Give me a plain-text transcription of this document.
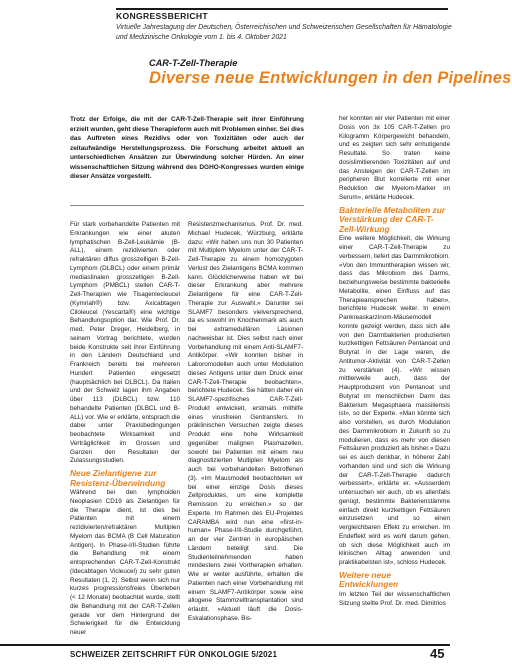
KONGRESSBERICHT
Virtuelle Jahrestagung der Deutschen, Österreichischen und Schweizerischen Gesellschaften für Hämatologie und Medizinische Onkologie vom 1. bis 4. Oktober 2021
CAR-T-Zell-Therapie
Diverse neue Entwicklungen in den Pipelines
Trotz der Erfolge, die mit der CAR-T-Zell-Therapie seit ihrer Einführung erzielt wurden, geht diese Therapieform auch mit Problemen einher. Sei dies das Auftreten eines Rezidivs oder von Toxizitäten oder auch der zeitaufwändige Herstellungsprozess. Die Forschung arbeitet aktuell an unterschiedlichen Ansätzen zur Überwindung solcher Hürden. An einer wissenschaftlichen Sitzung während des DGHO-Kongresses wurden einige dieser Ansätze vorgestellt.

Für stark vorbehandelte Patienten mit Erkrankungen wie einer akuten lymphatischen B-Zell-Leukämie (B-ALL), einem rezidivierten oder refraktären diffus grosszelligen B-Zell-Lymphom (DLBCL) oder einem primär mediastinalen grosszelligen B-Zell-Lymphom (PMBCL) stellen CAR-T-Zell-Therapien wie Tisagenlecleucel (Kymriah®) bzw. Axicabtagen Ciloleucel (Yescarta®) eine wichtige Behandlungsoption dar. Wie Prof. Dr. med. Peter Dreger, Heidelberg, in seinem Vortrag berichtete, wurden beide Konstrukte seit ihrer Einführung in den Ländern Deutschland und Frankreich bereits bei mehreren Hundert Patienten eingesetzt (hauptsächlich bei DLBCL). Da Italien und der Schweiz lagen ihm Angaben über 113 (DLBCL) bzw. 110 behandelte Patienten (DLBCL und B-ALL) vor. Wie er erklärte, entsprach die dabei unter Praxisbedingungen beobachtete Wirksamkeit und Verträglichkeit im Grossen und Ganzen den Resultaten der Zulassungsstudien.

Neue Zielantigene zur Resistenz-Überwindung

Während bei den lymphoiden Neoplasien CD19 als Zielantigen für die Therapie dient, ist dies bei Patienten mit einem rezidivierten/refraktären Multiplen Myelom das BCMA (B Cell Maturation Antigen). In Phase-I/II-Studien führte die Behandlung mit einem entsprechenden CAR-T-Zell-Konstrukt (Idecabtagen Vicleucel) zu sehr guten Resultaten (1, 2). Selbst wenn sich nur kurzes progressionsfreies Überleben (< 12 Monate) beobachtet wurde, stellt die Behandlung mit der CAR-T-Zellen gerade vor dem Hintergrund der Schwierigkeit für die Entwicklung neuer

Resistenzmechanismus. Prof. Dr. med. Michael Hudecek, Würzburg, erklärte dazu: «Wir haben uns nun 30 Patienten mit Multiplem Myelom unter der CAR-T-Zell-Therapie zu einem homozygoten Verlust des Zielantigens BCMA kommen kann. Glücklicherweise haben wir bei dieser Erkrankung aber mehrere Zielantigene für eine CAR-T-Zell-Therapie zur Auswahl.» Darunter sei SLAMF7 besonders vielversprechend, da es sowohl im Knochenmark als auch bei extramedullären Läsionen nachweisbar ist. Dies selbst nach einer Vorbehandlung mit einem Anti-SLAMF7-Antikörper. «Wir konnten bisher in Laboromodellen auch unter Modulation dieses Antigens unter dem Druck einer CAR-T-Zell-Therapie beobachten», berichtete Hudecek. Sie hätten daher ein SLAMF7-spezifisches CAR-T-Zell-Produkt entwickelt, erstmals mithilfe eines virusfreien Gentransfers. In präklinischen Versuchen zeigte dieses Produkt eine hohe Wirksamkeit gegenüber malignen Plasmazellen, sowohl bei Patienten mit einem neu diagnostizierten Multiplen Myelom als auch bei vorbehandelten Betroffenen (3). «Im Mausmodell beobachteten wir bei einer einzige Dosis dieses Zellproduktes, um eine komplette Remission zu erreichen.» so der Experte. Im Rahmen des EU-Projektes CARAMBA wird nun eine «first-in-human» Phase-I/II-Studie durchgeführt, an der vier Zentren in europäischen Ländern beteiligt sind. Die Studienteilnehmenden haben mindestens zwei Vortherapien erhalten. Wie er weiter ausführte, erhalten die Patienten nach einer Vorbehandlung mit einem SLAMF7-Antikörper sowie eine allogene Stammzelltransplantation sind erlaubt. «Aktuell läuft die Dosis-Eskalationsphase. Bis-

her konnten wir vier Patienten mit einer Dosis von 3x 105 CAR-T-Zellen pro Kilogramm Körpergewicht behandeln, und es zeigten sich sehr ermutigende Resultate. So traten keine dosislimitierenden Toxizitäten auf und das Ansteigen der CAR-T-Zellen im peripheren Blut korrelierte mit einer Reduktion der Myelom-Marker im Serum», erklärte Hudecek.

Bakterielle Metaboliten zur Verstärkung der CAR-T-Zell-Wirkung

Eine weitere Möglichkeit, die Wirkung einer CAR-T-Zell-Therapie zu verbessern, liefert das Darmmikrobiom. «Von den Immuntherapien wissen wir, dass das Mikrobiom des Darms, beziehungsweise bestimmte bakterielle Metabolite, einen Einfluss auf das Therapieansprechen haben», berichtete Hudecek weiter. In einem Pankreaskarzinom-Mäusemodell konnte gezeigt werden, dass sich alle von den Darmbakterien produzierten kurzkettigen Fettsäuren Pentanoat und Butyrat in der Lage waren, die Antitumor-Aktivität von CAR-T-Zellen zu verstärken (4). «Wir wissen mittlerweile auch, dass der Hauptproduzent von Pentanoat und Butyrat im menschlichen Darm das Bakterium Megasphaera massiliensis ist», so der Experte. «Man könnte sich also vorstellen, es durch Modulation des Darmmikrobiom in Zukunft so zu modulieren, dass es mehr von diesen Fettsäuren produziert als bisher.» Dazu sei es auch denkbar, in höherer Zahl vorhanden sind und sich die Wirkung der CAR-T-Zell-Therapie dadurch verbessert», erklärte er. «Ausserdem untersuchen wir auch, ob es allenfalls genügt, bestimmte Bakterienstämme einfach direkt kurzkettigen Fettsäuren einzusetzen und so einen vergleichbaren Effekt zu erreichen. Im Endeffekt wird es wohl darum gehen, ob sich diese Möglichkeit auch im klinischen Alltag anwenden und praktikabelsten ist», schloss Hudecek.

Weitere neue Entwicklungen

Im letzten Teil der wissenschaftlichen Sitzung stellte Prof. Dr. med. Dimitrios

SCHWEIZER ZEITSCHRIFT FÜR ONKOLOGIE 5/2021	45
